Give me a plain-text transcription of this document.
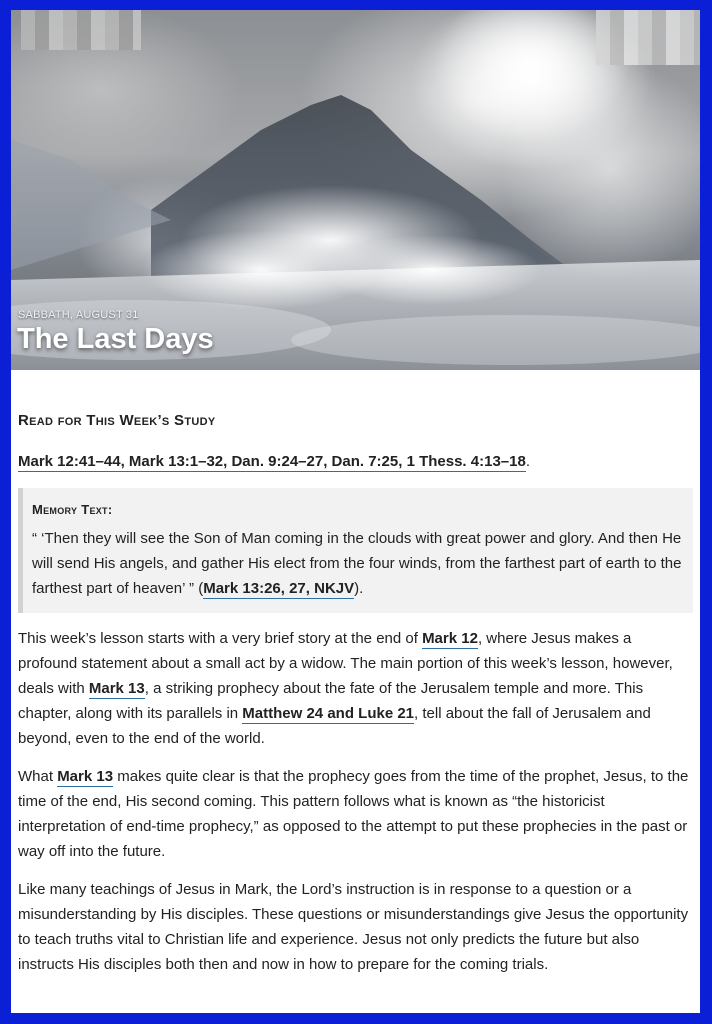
SABBATH, AUGUST 31
The Last Days
Read for This Week’s Study
Mark 12:41–44, Mark 13:1–32, Dan. 9:24–27, Dan. 7:25, 1 Thess. 4:13–18.
Memory Text:
“ ‘Then they will see the Son of Man coming in the clouds with great power and glory. And then He will send His angels, and gather His elect from the four winds, from the farthest part of earth to the farthest part of heaven’ ” (Mark 13:26, 27, NKJV).

This week’s lesson starts with a very brief story at the end of Mark 12, where Jesus makes a profound statement about a small act by a widow. The main portion of this week’s lesson, however, deals with Mark 13, a striking prophecy about the fate of the Jerusalem temple and more. This chapter, along with its parallels in Matthew 24 and Luke 21, tell about the fall of Jerusalem and beyond, even to the end of the world.

What Mark 13 makes quite clear is that the prophecy goes from the time of the prophet, Jesus, to the time of the end, His second coming. This pattern follows what is known as “the historicist interpretation of end-time prophecy,” as opposed to the attempt to put these prophecies in the past or way off into the future.

Like many teachings of Jesus in Mark, the Lord’s instruction is in response to a question or a misunderstanding by His disciples. These questions or misunderstandings give Jesus the opportunity to teach truths vital to Christian life and experience. Jesus not only predicts the future but also instructs His disciples both then and now in how to prepare for the coming trials.
